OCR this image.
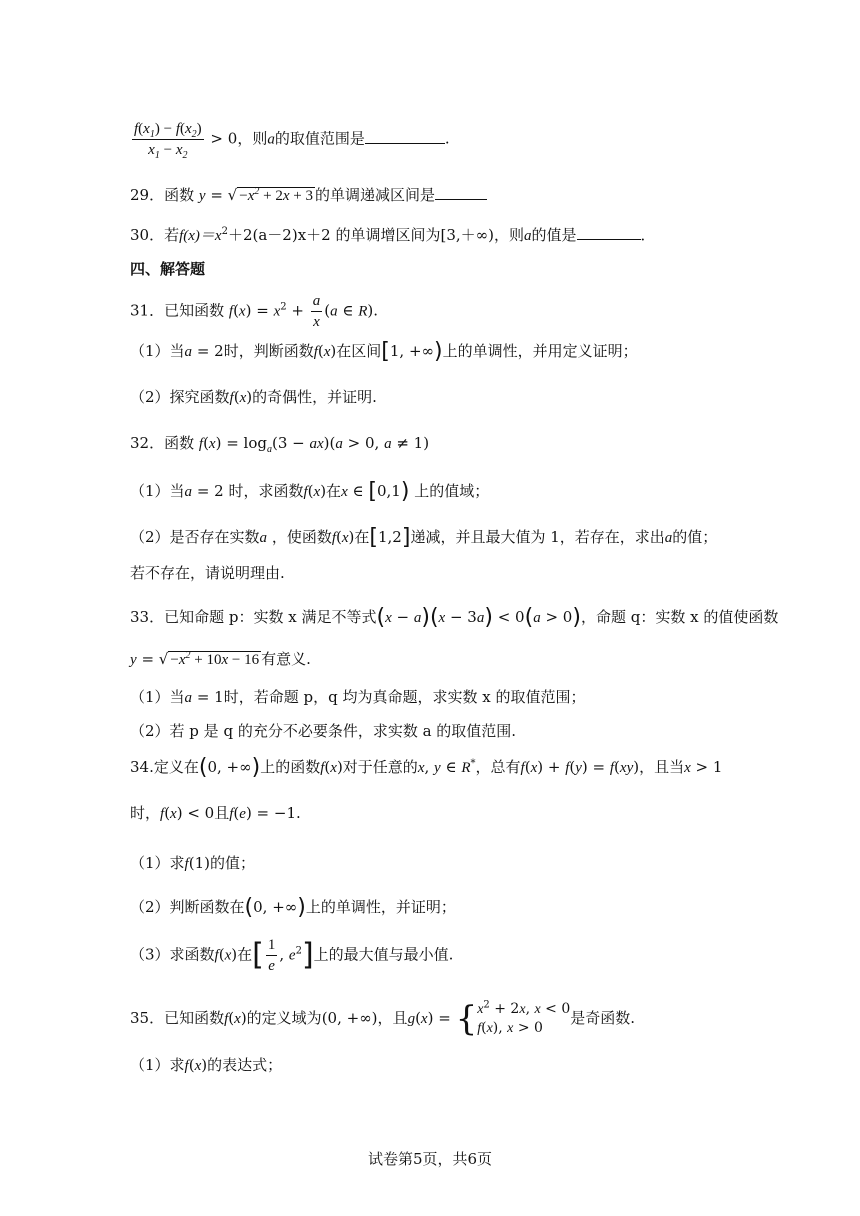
$\frac{f(x_1) - f(x_2)}{x_1 - x_2} > 0$，则a的取值范围是	.
29．函数 y = √ $-x^2 + 2x + 3$ 的单调递减区间是
30．若$f(x)=x^2+2(a-2)x+2$ 的单调增区间为[3,＋∞)，则a的值是	．
四、解答题
31．已知函数 $f(x) = x^2 + \frac{a}{x} (a$ ∈ R).
（1）当a = 2时，判断函数f(x)在区间[1, +∞)上的单调性，并用定义证明；
（2）探究函数f(x)的奇偶性，并证明.
32．函数 $f(x) = \log_a(3 - ax)(a > 0$, a ≠ 1)
（1）当a = 2 时，求函数f(x)在x ∈ [0,1) 上的值域；
（2）是否存在实数a ，使函数f(x)在[1,2]递减，并且最大值为 1，若存在，求出a的值；
若不存在，请说明理由.
33．已知命题 p：实数 x 满足不等式(x − a)(x − 3a) < 0(a > 0)，命题 q：实数 x 的值使函数
y = √ $-x^2 + 10x - 16$ 有意义.
（1）当a = 1时，若命题 p，q 均为真命题，求实数 x 的取值范围；
（2）若 p 是 q 的充分不必要条件，求实数 a 的取值范围.
34.定义在(0, +∞)上的函数f(x)对于任意的x, y ∈ R*，总有f(x) + f(y) = f(xy)，且当x > 1
时，f(x) < 0且f(e) = −1.
（1）求f(1)的值；
（2）判断函数在(0, +∞)上的单调性，并证明；
（3）求函数f(x)在[ $\frac{1}{e}$ , $e^2$]上的最大值与最小值.
35．已知函数f(x)的定义域为(0, +∞)，且g(x) = { $x^2 + 2x$, x < 0
f(x), x > 0
是奇函数.
（1）求f(x)的表达式；
试卷第5页，共6页
